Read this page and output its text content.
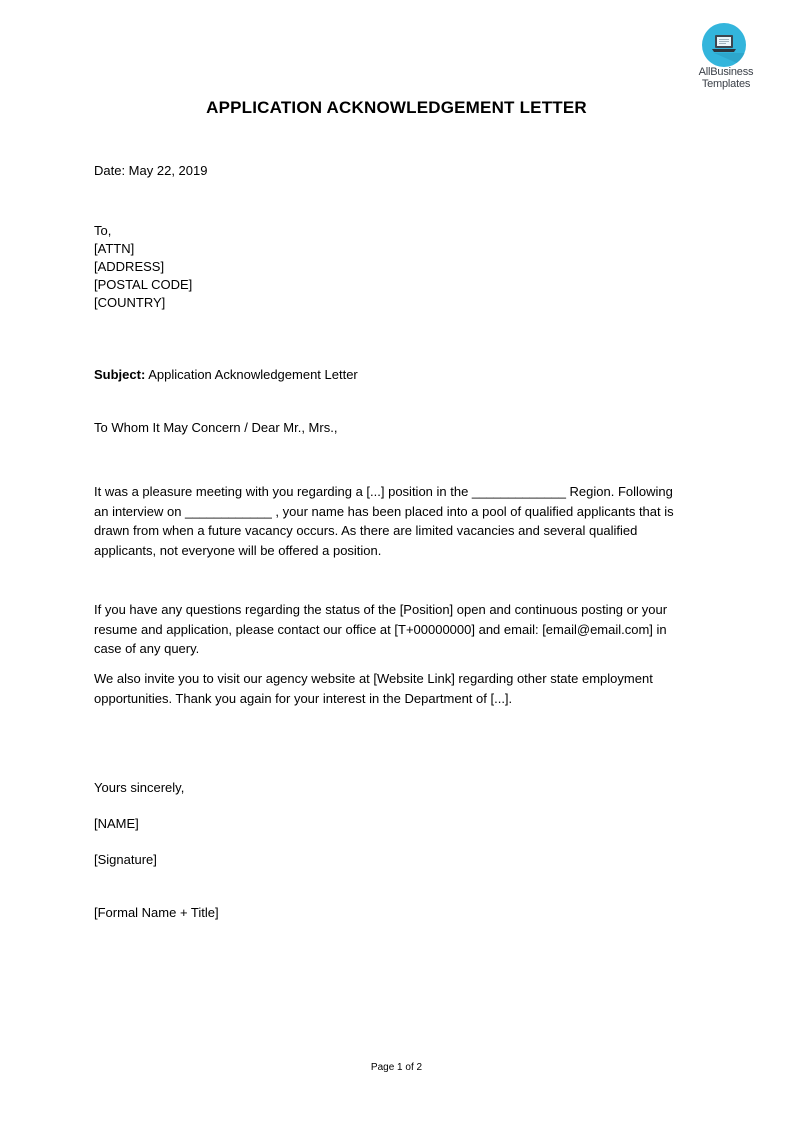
AllBusiness
Templates
APPLICATION ACKNOWLEDGEMENT LETTER
Date: May 22, 2019
To,
[ATTN]
[ADDRESS]
[POSTAL CODE]
[COUNTRY]
Subject: Application Acknowledgement Letter
To Whom It May Concern / Dear Mr., Mrs.,
It was a pleasure meeting with you regarding a [...] position in the _____________ Region. Following
an interview on ____________ , your name has been placed into a pool of qualified applicants that is
drawn from when a future vacancy occurs. As there are limited vacancies and several qualified
applicants, not everyone will be offered a position.
If you have any questions regarding the status of the [Position] open and continuous posting or your
resume and application, please contact our office at [T+00000000] and email: [email@email.com] in
case of any query.
We also invite you to visit our agency website at [Website Link] regarding other state employment
opportunities. Thank you again for your interest in the Department of [...].
Yours sincerely,
[NAME]
[Signature]
[Formal Name + Title]
Page 1 of 2
